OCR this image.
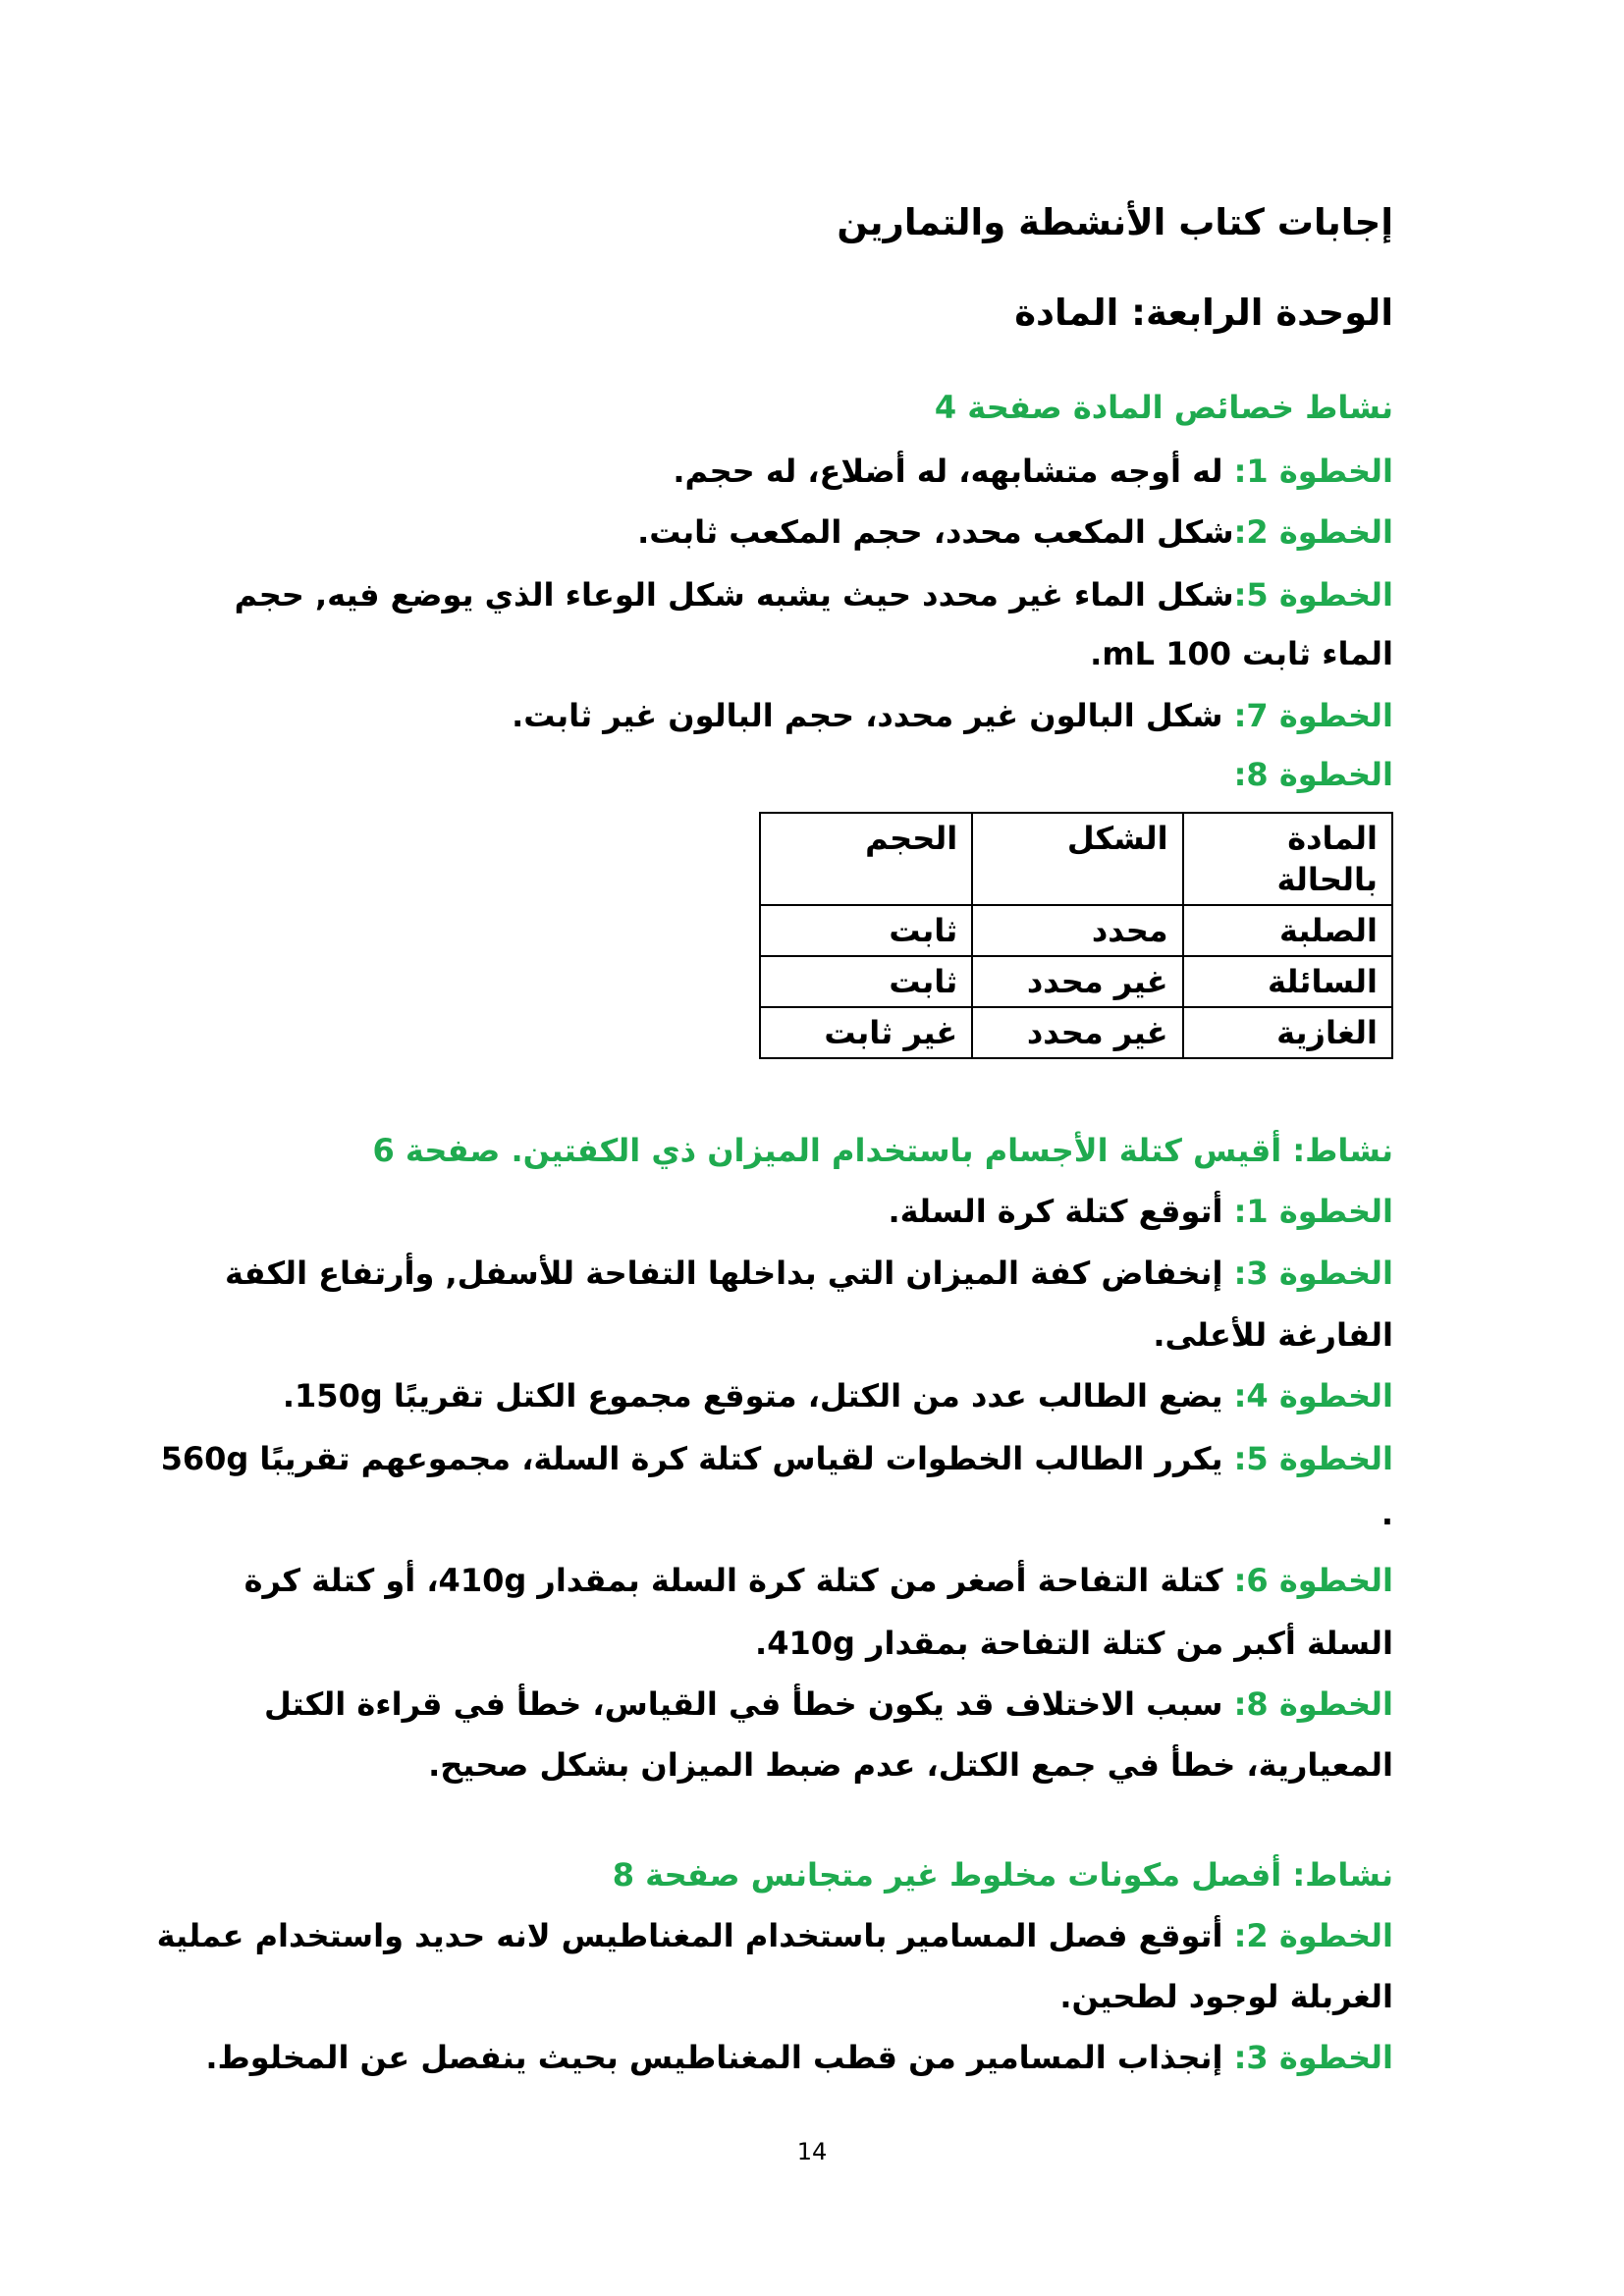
إجابات كتاب الأنشطة والتمارين

الوحدة الرابعة: المادة

نشاط خصائص المادة صفحة 4

الخطوة 1: له أوجه متشابهه، له أضلاع، له حجم.

الخطوة 2:شكل المكعب محدد، حجم المكعب ثابت.

الخطوة 5:شكل الماء غير محدد حيث يشبه شكل الوعاء الذي يوضع فيه, حجم

الماء ثابت 100 mL.

الخطوة 7: شكل البالون غير محدد، حجم البالون غير ثابت.

الخطوة 8:

المادة بالحالة	الشكل	الحجم
الصلبة	محدد	ثابت
السائلة	غير محدد	ثابت
الغازية	غير محدد	غير ثابت

نشاط: أقيس كتلة الأجسام باستخدام الميزان ذي الكفتين. صفحة 6

الخطوة 1: أتوقع كتلة كرة السلة.

الخطوة 3: إنخفاض كفة الميزان التي بداخلها التفاحة للأسفل, وأرتفاع الكفة

الفارغة للأعلى.

الخطوة 4: يضع الطالب عدد من الكتل، متوقع مجموع الكتل تقريبًا 150g.

الخطوة 5: يكرر الطالب الخطوات لقياس كتلة كرة السلة، مجموعهم تقريبًا 560g

.

الخطوة 6: كتلة التفاحة أصغر من كتلة كرة السلة بمقدار 410g، أو كتلة كرة

السلة أكبر من كتلة التفاحة بمقدار 410g.

الخطوة 8: سبب الاختلاف قد يكون خطأ في القياس، خطأ في قراءة الكتل

المعيارية، خطأ في جمع الكتل، عدم ضبط الميزان بشكل صحيح.

نشاط: أفصل مكونات مخلوط غير متجانس صفحة 8

الخطوة 2: أتوقع فصل المسامير باستخدام المغناطيس لانه حديد واستخدام عملية

الغربلة لوجود لطحين.

الخطوة 3: إنجذاب المسامير من قطب المغناطيس بحيث ينفصل عن المخلوط.

14
